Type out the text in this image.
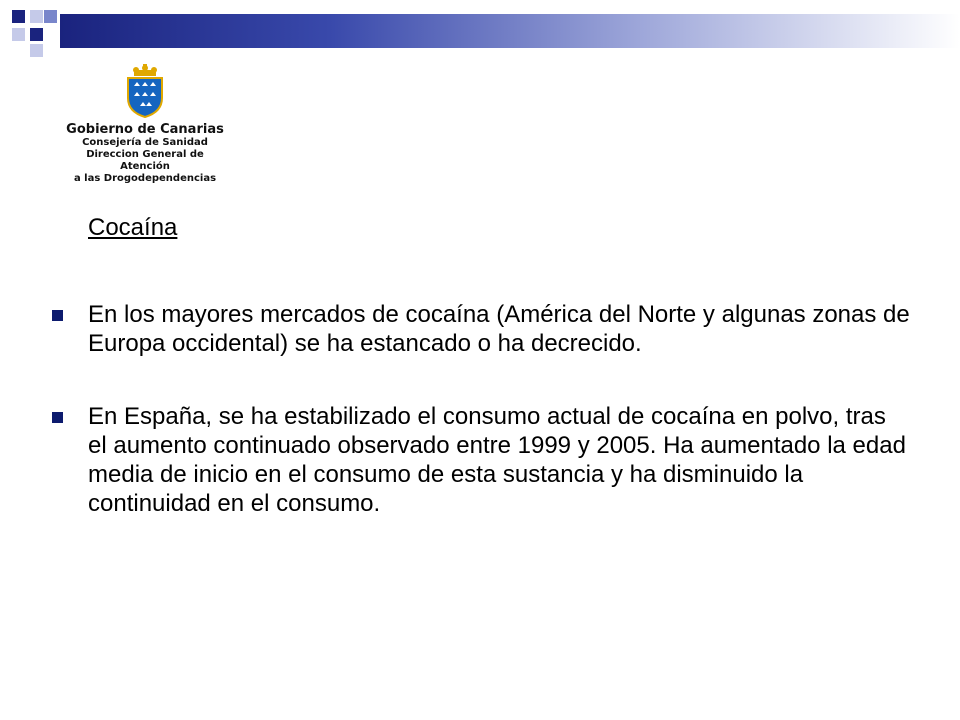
Gobierno de Canarias
Consejería de Sanidad
Direccion General de Atención
a las Drogodependencias
Cocaína
En los mayores mercados de cocaína (América del Norte y algunas zonas de Europa occidental) se ha estancado o ha decrecido.
En España, se ha estabilizado el consumo actual de cocaína en polvo, tras el aumento continuado observado entre 1999 y 2005. Ha aumentado la edad media de inicio en el consumo de esta sustancia y ha disminuido la continuidad en el consumo.
